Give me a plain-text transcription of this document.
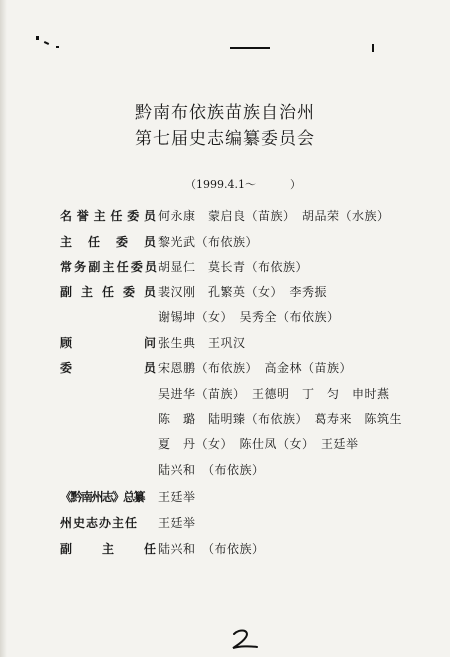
黔南布依族苗族自治州
第七届史志编纂委员会
（1999.4.1～	）
名誉主任委员 何永康　蒙启良（苗族）　胡品荣（水族）
主任委员 黎光武（布依族）
常务副主任委员 胡显仁　莫长青（布依族）
副主任委员 裴汉刚　孔繁英（女）　李秀振
谢锡坤（女）　吴秀全（布依族）
顾问 张生典　王巩汉
委员 宋恩鹏（布依族）　高金林（苗族）
吴进华（苗族）　王德明　丁　匀　申时燕
陈　璐　陆明臻（布依族）　葛寿来　陈筑生
夏　丹（女）　陈仕凤（女）　王廷举
陆兴和　（布依族）
《黔南州志》总纂	王廷举
州史志办主任	王廷举
副主任 陆兴和　（布依族）
